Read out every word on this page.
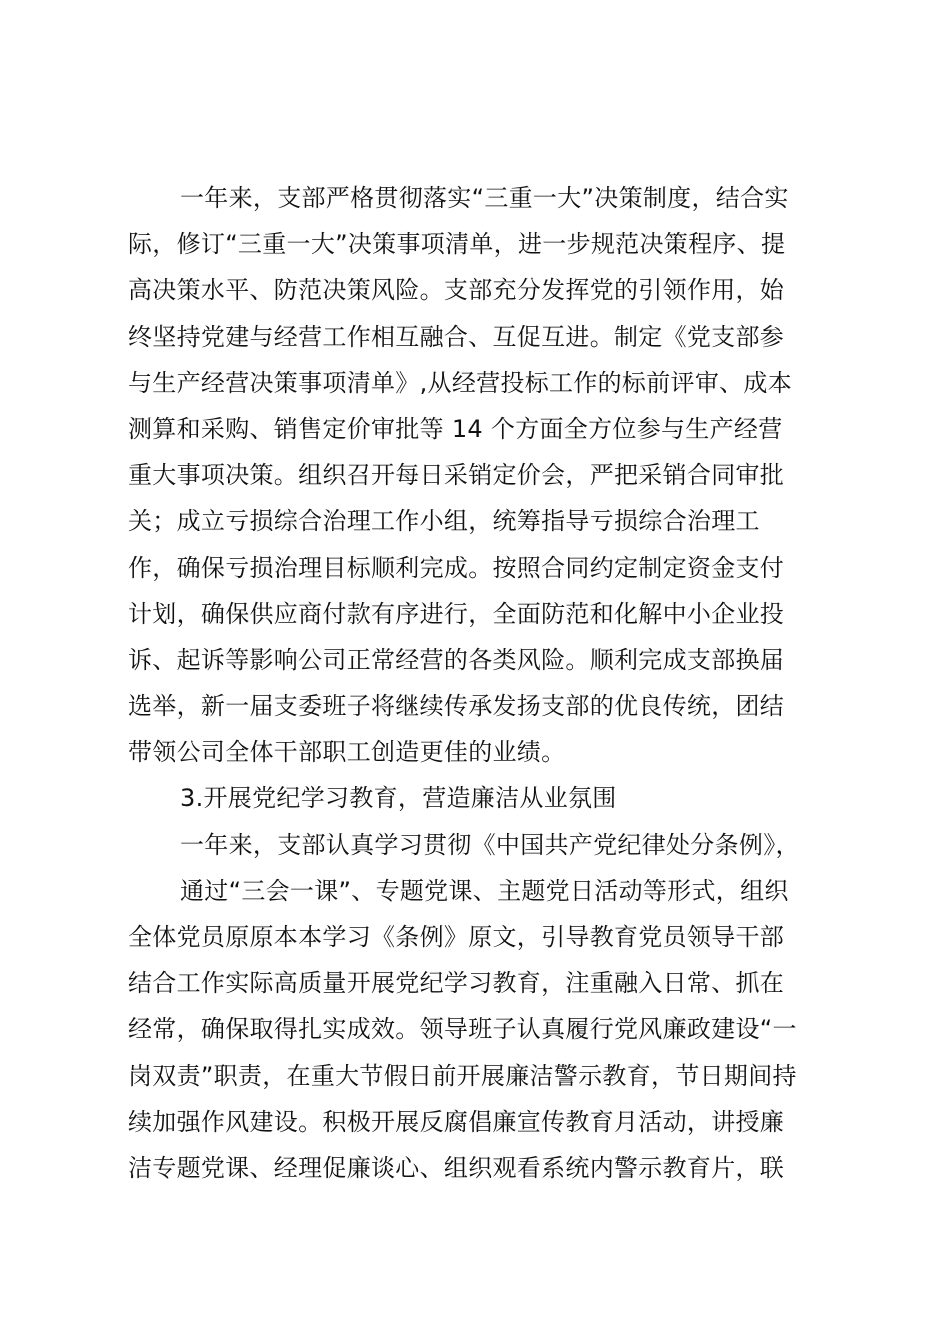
一年来，支部严格贯彻落实“三重一大”决策制度，结合实
际，修订“三重一大”决策事项清单，进一步规范决策程序、提
高决策水平、防范决策风险。支部充分发挥党的引领作用，始
终坚持党建与经营工作相互融合、互促互进。制定《党支部参
与生产经营决策事项清单》,从经营投标工作的标前评审、成本
测算和采购、销售定价审批等 14 个方面全方位参与生产经营
重大事项决策。组织召开每日采销定价会，严把采销合同审批
关；成立亏损综合治理工作小组，统筹指导亏损综合治理工
作，确保亏损治理目标顺利完成。按照合同约定制定资金支付
计划，确保供应商付款有序进行，全面防范和化解中小企业投
诉、起诉等影响公司正常经营的各类风险。顺利完成支部换届
选举，新一届支委班子将继续传承发扬支部的优良传统，团结
带领公司全体干部职工创造更佳的业绩。
3.开展党纪学习教育，营造廉洁从业氛围
一年来，支部认真学习贯彻《中国共产党纪律处分条例》，
通过“三会一课”、专题党课、主题党日活动等形式，组织
全体党员原原本本学习《条例》原文，引导教育党员领导干部
结合工作实际高质量开展党纪学习教育，注重融入日常、抓在
经常，确保取得扎实成效。领导班子认真履行党风廉政建设“一
岗双责”职责，在重大节假日前开展廉洁警示教育，节日期间持
续加强作风建设。积极开展反腐倡廉宣传教育月活动，讲授廉
洁专题党课、经理促廉谈心、组织观看系统内警示教育片，联
